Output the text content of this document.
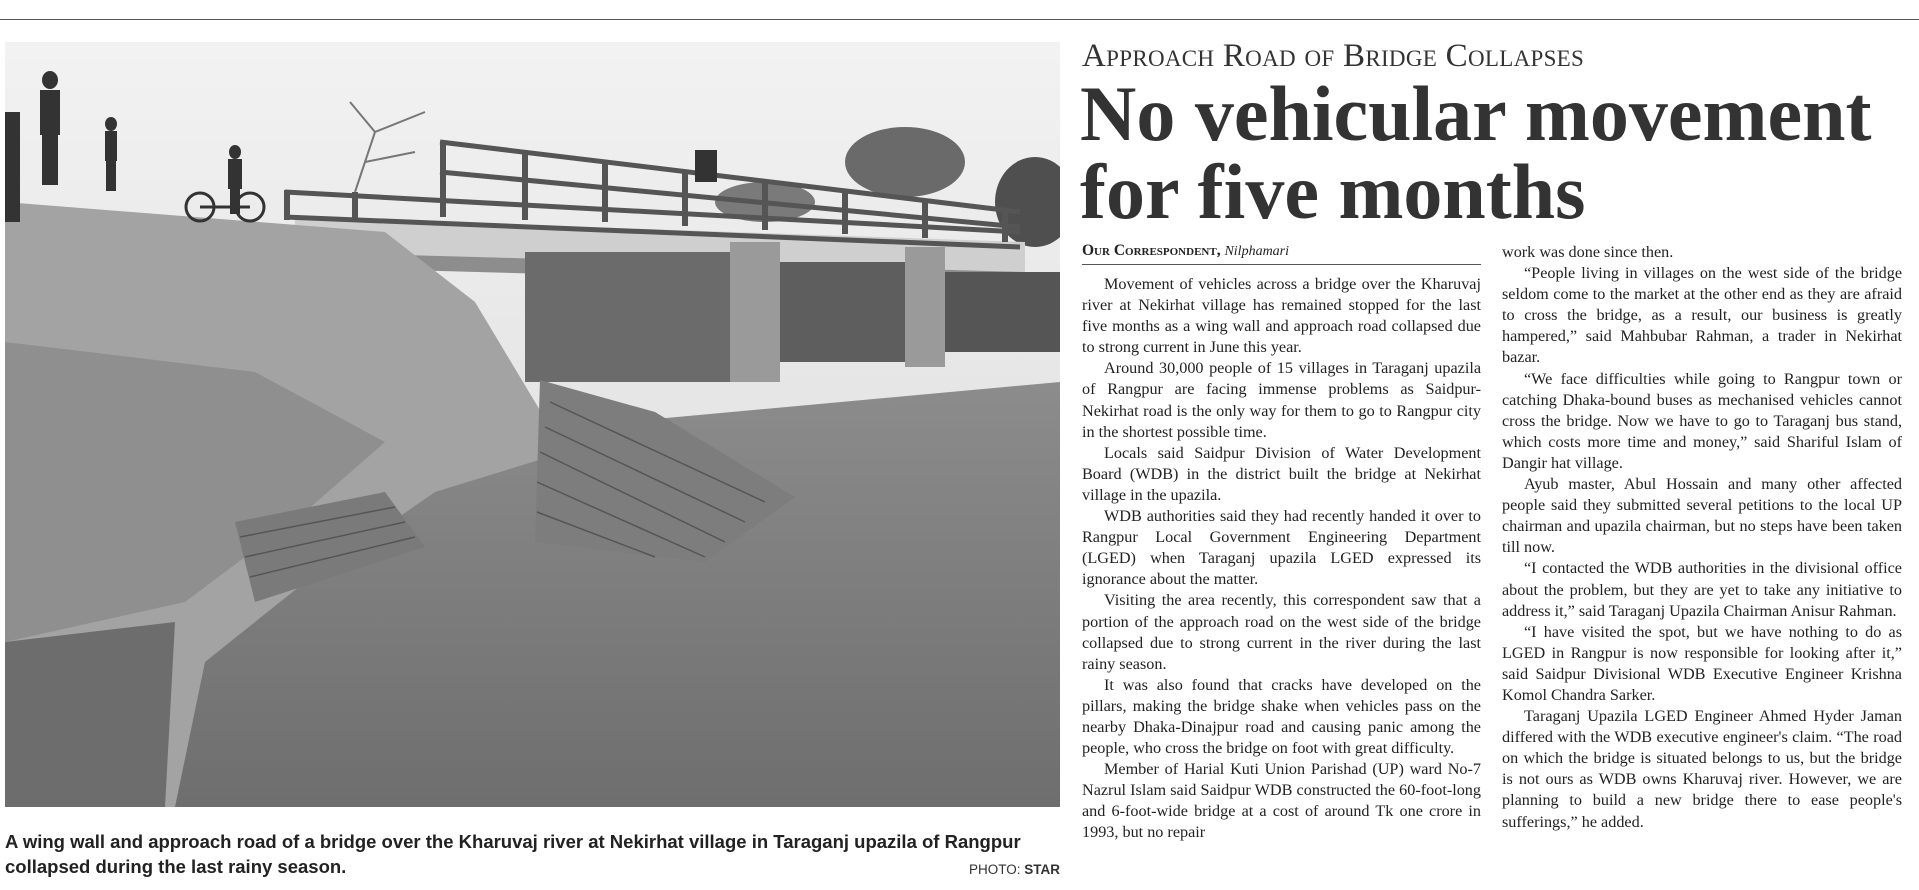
A wing wall and approach road of a bridge over the Kharuvaj river at Nekirhat village in Taraganj upazila of Rangpur collapsed during the last rainy season.	PHOTO: STAR
Approach Road of Bridge Collapses
No vehicular movement for five months
Our Correspondent, Nilphamari

Movement of vehicles across a bridge over the Kharuvaj river at Nekirhat village has remained stopped for the last five months as a wing wall and approach road collapsed due to strong current in June this year.

Around 30,000 people of 15 villages in Taraganj upazila of Rangpur are facing immense problems as Saidpur-Nekirhat road is the only way for them to go to Rangpur city in the shortest possible time.

Locals said Saidpur Division of Water Development Board (WDB) in the district built the bridge at Nekirhat village in the upazila.

WDB authorities said they had recently handed it over to Rangpur Local Government Engineering Department (LGED) when Taraganj upazila LGED expressed its ignorance about the matter.

Visiting the area recently, this correspondent saw that a portion of the approach road on the west side of the bridge collapsed due to strong current in the river during the last rainy season.

It was also found that cracks have developed on the pillars, making the bridge shake when vehicles pass on the nearby Dhaka-Dinajpur road and causing panic among the people, who cross the bridge on foot with great difficulty.

Member of Harial Kuti Union Parishad (UP) ward No-7 Nazrul Islam said Saidpur WDB constructed the 60-foot-long and 6-foot-wide bridge at a cost of around Tk one crore in 1993, but no repair

work was done since then.

“People living in villages on the west side of the bridge seldom come to the market at the other end as they are afraid to cross the bridge, as a result, our business is greatly hampered,” said Mahbubar Rahman, a trader in Nekirhat bazar.

“We face difficulties while going to Rangpur town or catching Dhaka-bound buses as mechanised vehicles cannot cross the bridge. Now we have to go to Taraganj bus stand, which costs more time and money,” said Shariful Islam of Dangir hat village.

Ayub master, Abul Hossain and many other affected people said they submitted several petitions to the local UP chairman and upazila chairman, but no steps have been taken till now.

“I contacted the WDB authorities in the divisional office about the problem, but they are yet to take any initiative to address it,” said Taraganj Upazila Chairman Anisur Rahman.

“I have visited the spot, but we have nothing to do as LGED in Rangpur is now responsible for looking after it,” said Saidpur Divisional WDB Executive Engineer Krishna Komol Chandra Sarker.

Taraganj Upazila LGED Engineer Ahmed Hyder Jaman differed with the WDB executive engineer's claim. “The road on which the bridge is situated belongs to us, but the bridge is not ours as WDB owns Kharuvaj river. However, we are planning to build a new bridge there to ease people's sufferings,” he added.
